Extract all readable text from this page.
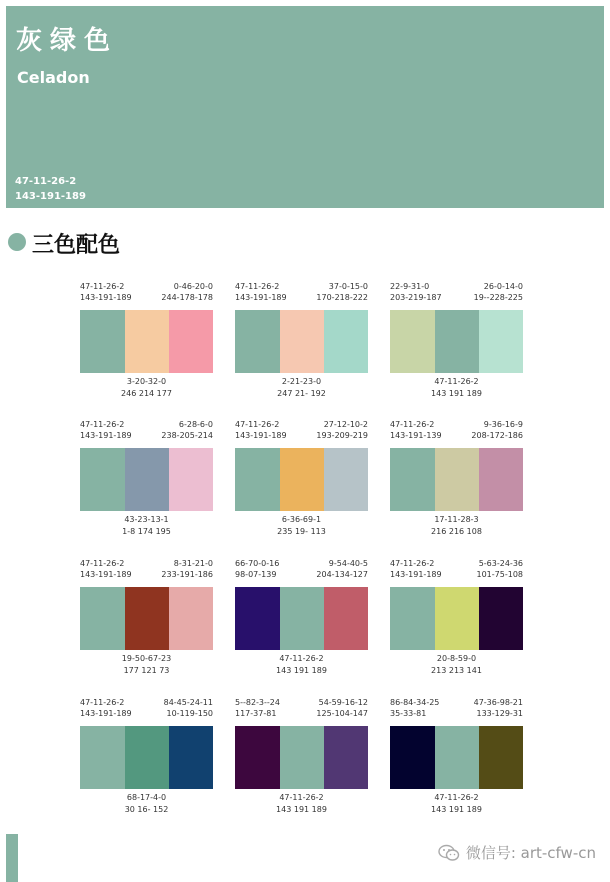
灰绿色
Celadon
47-11-26-2
143-191-189
三色配色
47-11-26-2
143-191-189
0-46-20-0
244-178-178
3-20-32-0
246 214 177
47-11-26-2
143-191-189
37-0-15-0
170-218-222
2-21-23-0
247 21- 192
22-9-31-0
203-219-187
26-0-14-0
19--228-225
47-11-26-2
143 191 189
47-11-26-2
143-191-189
6-28-6-0
238-205-214
43-23-13-1
1-8 174 195
47-11-26-2
143-191-189
27-12-10-2
193-209-219
6-36-69-1
235 19- 113
47-11-26-2
143-191-139
9-36-16-9
208-172-186
17-11-28-3
216 216 108
47-11-26-2
143-191-189
8-31-21-0
233-191-186
19-50-67-23
177 121 73
66-70-0-16
98-07-139
9-54-40-5
204-134-127
47-11-26-2
143 191 189
47-11-26-2
143-191-189
5-63-24-36
101-75-108
20-8-59-0
213 213 141
47-11-26-2
143-191-189
84-45-24-11
10-119-150
68-17-4-0
30 16- 152
5--82-3--24
117-37-81
54-59-16-12
125-104-147
47-11-26-2
143 191 189
86-84-34-25
35-33-81
47-36-98-21
133-129-31
47-11-26-2
143 191 189
微信号: art-cfw-cn
